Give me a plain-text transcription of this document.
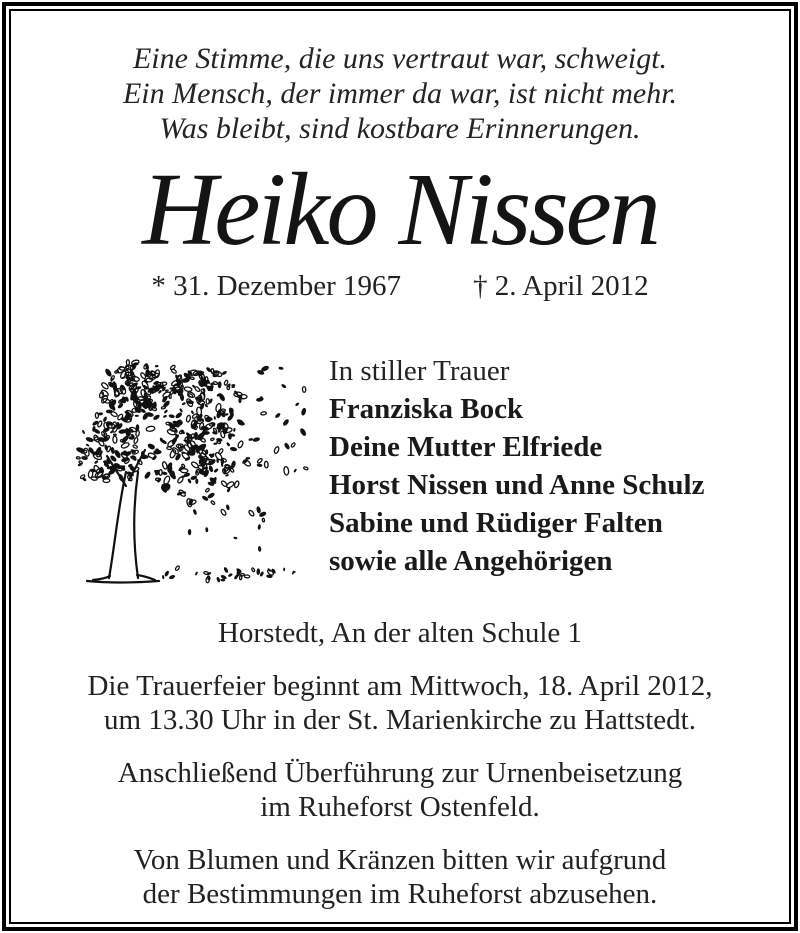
Eine Stimme, die uns vertraut war, schweigt.
Ein Mensch, der immer da war, ist nicht mehr.
Was bleibt, sind kostbare Erinnerungen.
Heiko Nissen
* 31. Dezember 1967 † 2. April 2012
In stiller Trauer
Franziska Bock
Deine Mutter Elfriede
Horst Nissen und Anne Schulz
Sabine und Rüdiger Falten
sowie alle Angehörigen
Horstedt, An der alten Schule 1
Die Trauerfeier beginnt am Mittwoch, 18. April 2012,
um 13.30 Uhr in der St. Marienkirche zu Hattstedt.
Anschließend Überführung zur Urnenbeisetzung
im Ruheforst Ostenfeld.
Von Blumen und Kränzen bitten wir aufgrund
der Bestimmungen im Ruheforst abzusehen.
